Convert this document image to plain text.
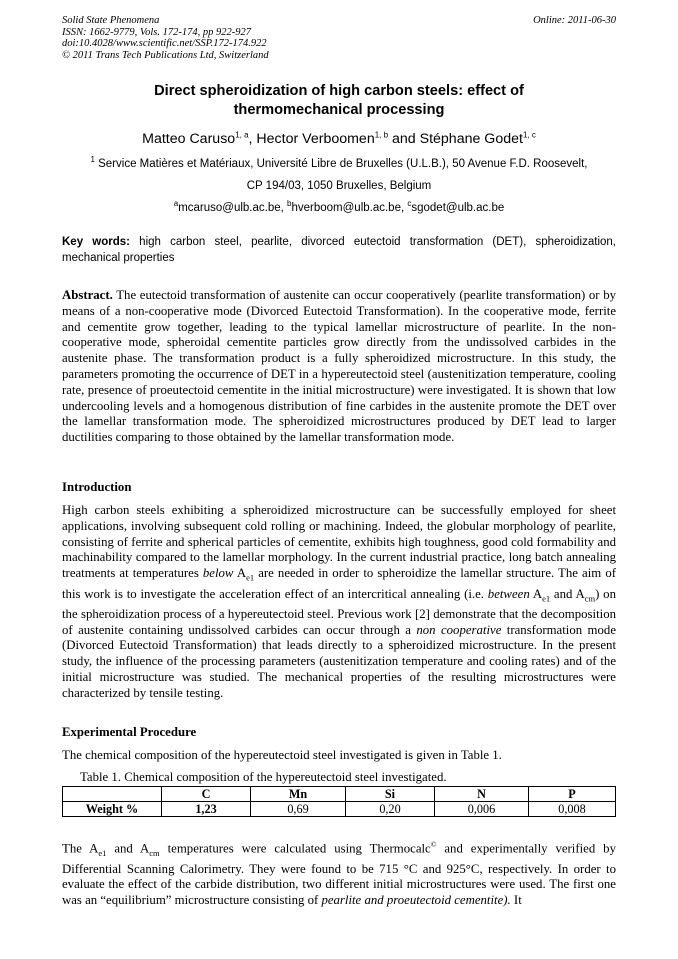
Solid State Phenomena
ISSN: 1662-9779, Vols. 172-174, pp 922-927
doi:10.4028/www.scientific.net/SSP.172-174.922
© 2011 Trans Tech Publications Ltd, Switzerland
Online: 2011-06-30
Direct spheroidization of high carbon steels: effect of
thermomechanical processing
Matteo Caruso$^{1, a}$, Hector Verboomen$^{1, b}$ and Stéphane Godet$^{1, c}$
$^1$ Service Matières et Matériaux, Université Libre de Bruxelles (U.L.B.), 50 Avenue F.D. Roosevelt,
CP 194/03, 1050 Bruxelles, Belgium
$^a$mcaruso@ulb.ac.be, $^b$hverboom@ulb.ac.be, $^c$sgodet@ulb.ac.be
Key words: high carbon steel, pearlite, divorced eutectoid transformation (DET), spheroidization, mechanical properties
Abstract. The eutectoid transformation of austenite can occur cooperatively (pearlite transformation) or by means of a non-cooperative mode (Divorced Eutectoid Transformation). In the cooperative mode, ferrite and cementite grow together, leading to the typical lamellar microstructure of pearlite. In the non-cooperative mode, spheroidal cementite particles grow directly from the undissolved carbides in the austenite phase. The transformation product is a fully spheroidized microstructure. In this study, the parameters promoting the occurrence of DET in a hypereutectoid steel (austenitization temperature, cooling rate, presence of proeutectoid cementite in the initial microstructure) were investigated. It is shown that low undercooling levels and a homogenous distribution of fine carbides in the austenite promote the DET over the lamellar transformation mode. The spheroidized microstructures produced by DET lead to larger ductilities comparing to those obtained by the lamellar transformation mode.
Introduction
High carbon steels exhibiting a spheroidized microstructure can be successfully employed for sheet applications, involving subsequent cold rolling or machining. Indeed, the globular morphology of pearlite, consisting of ferrite and spherical particles of cementite, exhibits high toughness, good cold formability and machinability compared to the lamellar morphology. In the current industrial practice, long batch annealing treatments at temperatures below $A_{e1}$ are needed in order to spheroidize the lamellar structure. The aim of this work is to investigate the acceleration effect of an intercritical annealing (i.e. between $A_{e1}$ and $A_{cm}$) on the spheroidization process of a hypereutectoid steel. Previous work [2] demonstrate that the decomposition of austenite containing undissolved carbides can occur through a non cooperative transformation mode (Divorced Eutectoid Transformation) that leads directly to a spheroidized microstructure. In the present study, the influence of the processing parameters (austenitization temperature and cooling rates) and of the initial microstructure was studied. The mechanical properties of the resulting microstructures were characterized by tensile testing.
Experimental Procedure
The chemical composition of the hypereutectoid steel investigated is given in Table 1.
Table 1. Chemical composition of the hypereutectoid steel investigated.
	C	Mn	Si	N	P
Weight %	1,23	0,69	0,20	0,006	0,008
The $A_{e1}$ and $A_{cm}$ temperatures were calculated using Thermocalc© and experimentally verified by Differential Scanning Calorimetry. They were found to be 715 °C and 925°C, respectively. In order to evaluate the effect of the carbide distribution, two different initial microstructures were used. The first one was an “equilibrium” microstructure consisting of pearlite and proeutectoid cementite). It
